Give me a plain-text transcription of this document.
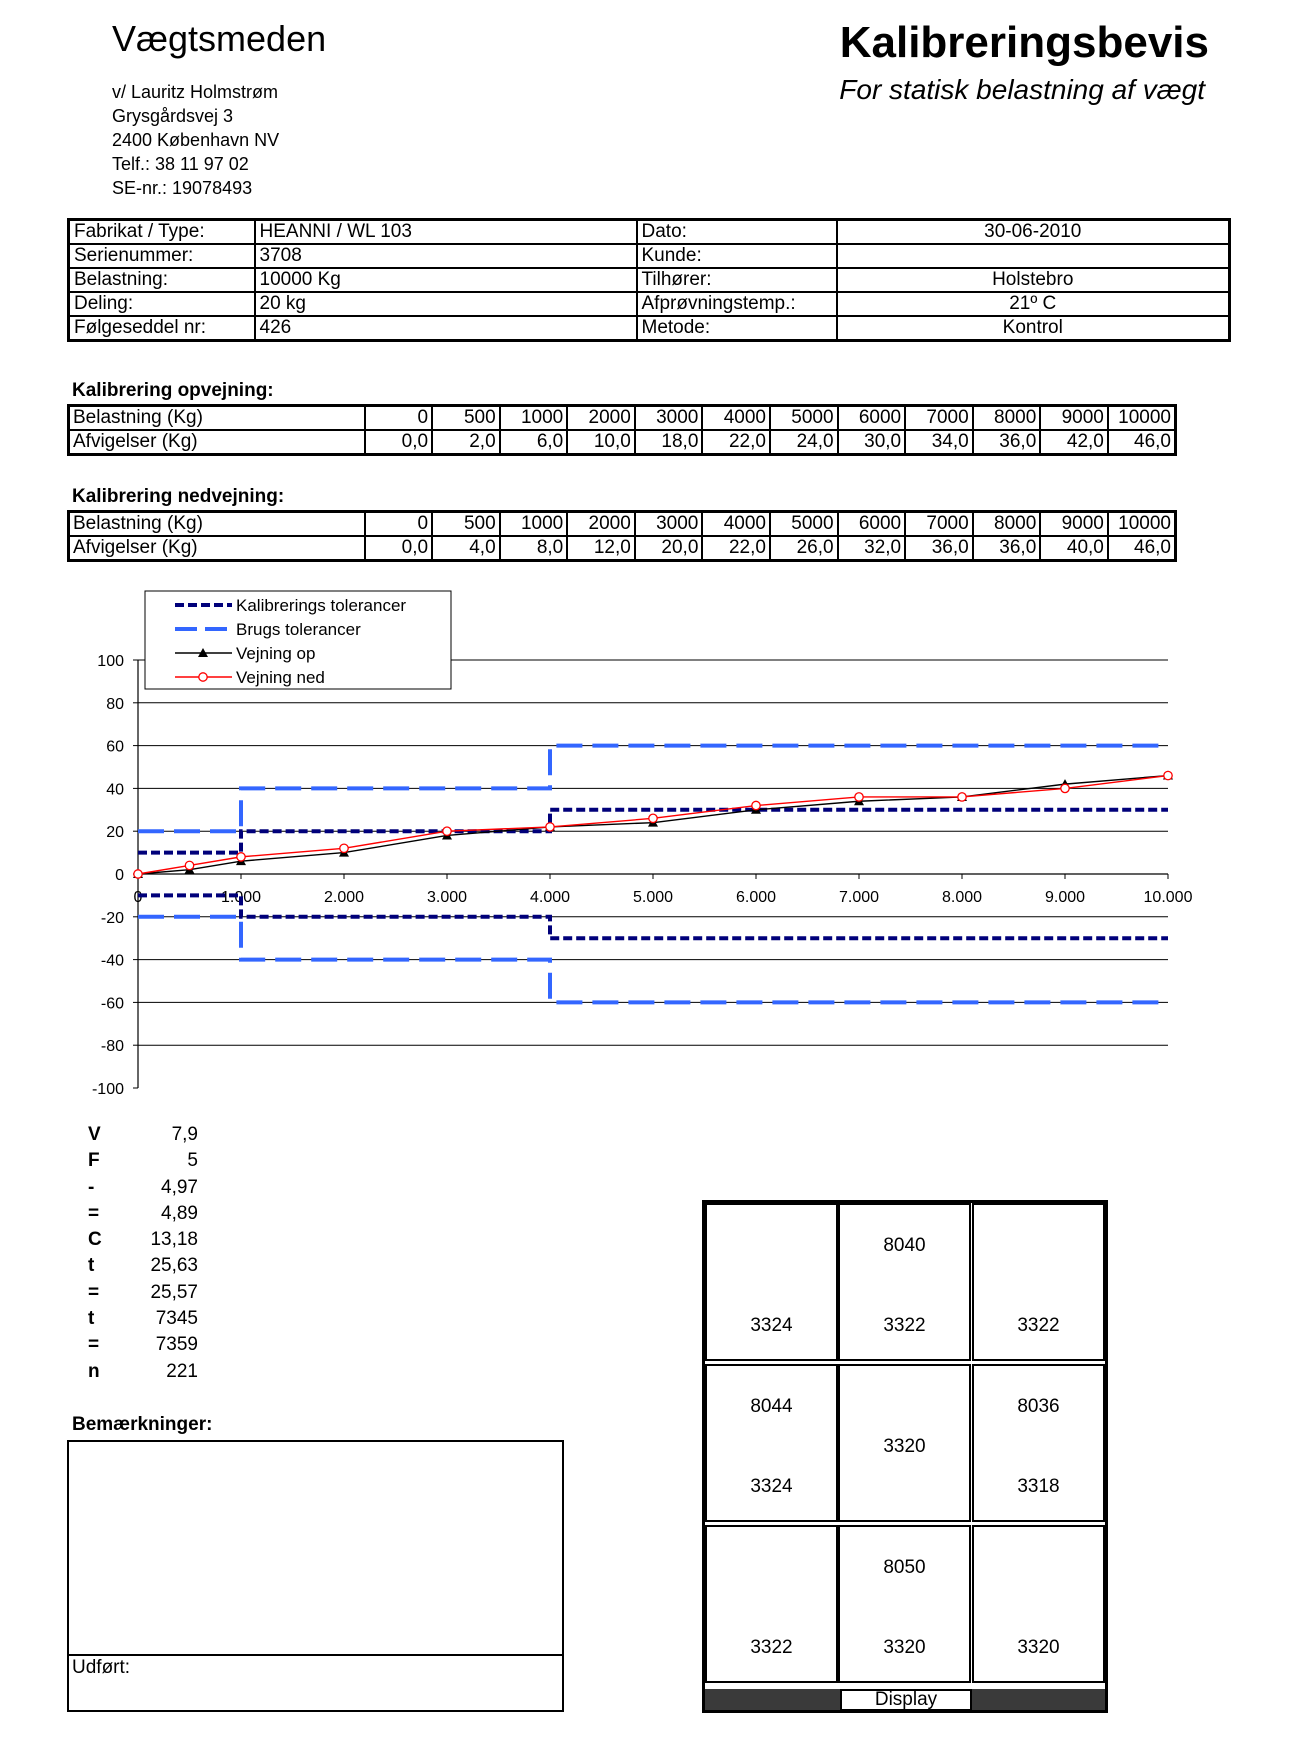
Vægtsmeden
v/ Lauritz Holmstrøm
Grysgårdsvej 3
2400 København NV
Telf.: 38 11 97 02
SE-nr.: 19078493
Kalibreringsbevis
For statisk belastning af vægt
Fabrikat / Type:	HEANNI / WL 103	Dato:	30-06-2010
Serienummer:	3708	Kunde:	
Belastning:	10000 Kg	Tilhører:	Holstebro
Deling:	20 kg	Afprøvningstemp.:	21º C
Følgeseddel nr:	426	Metode:	Kontrol
Kalibrering opvejning:
Belastning (Kg)	0	500	1000	2000	3000	4000	5000	6000	7000	8000	9000	10000
Afvigelser (Kg)	0,0	2,0	6,0	10,0	18,0	22,0	24,0	30,0	34,0	36,0	42,0	46,0
Kalibrering nedvejning:
Belastning (Kg)	0	500	1000	2000	3000	4000	5000	6000	7000	8000	9000	10000
Afvigelser (Kg)	0,0	4,0	8,0	12,0	20,0	22,0	26,0	32,0	36,0	36,0	40,0	46,0
100
80
60
40
20
0
-20
-40
-60
-80
-100
0	1.000	2.000	3.000	4.000	5.000	6.000	7.000	8.000	9.000	10.000
Kalibrerings tolerancer
Brugs tolerancer
Vejning op
Vejning ned
V	7,9
F	5
-	4,97
=	4,89
C	13,18
t	25,63
=	25,57
t	7345
=	7359
n	221
Bemærkninger:
Udført:
Display
3324
8040
3322	3322
8044
3324
3320
8036
3318
3322
8050
3320	3320
